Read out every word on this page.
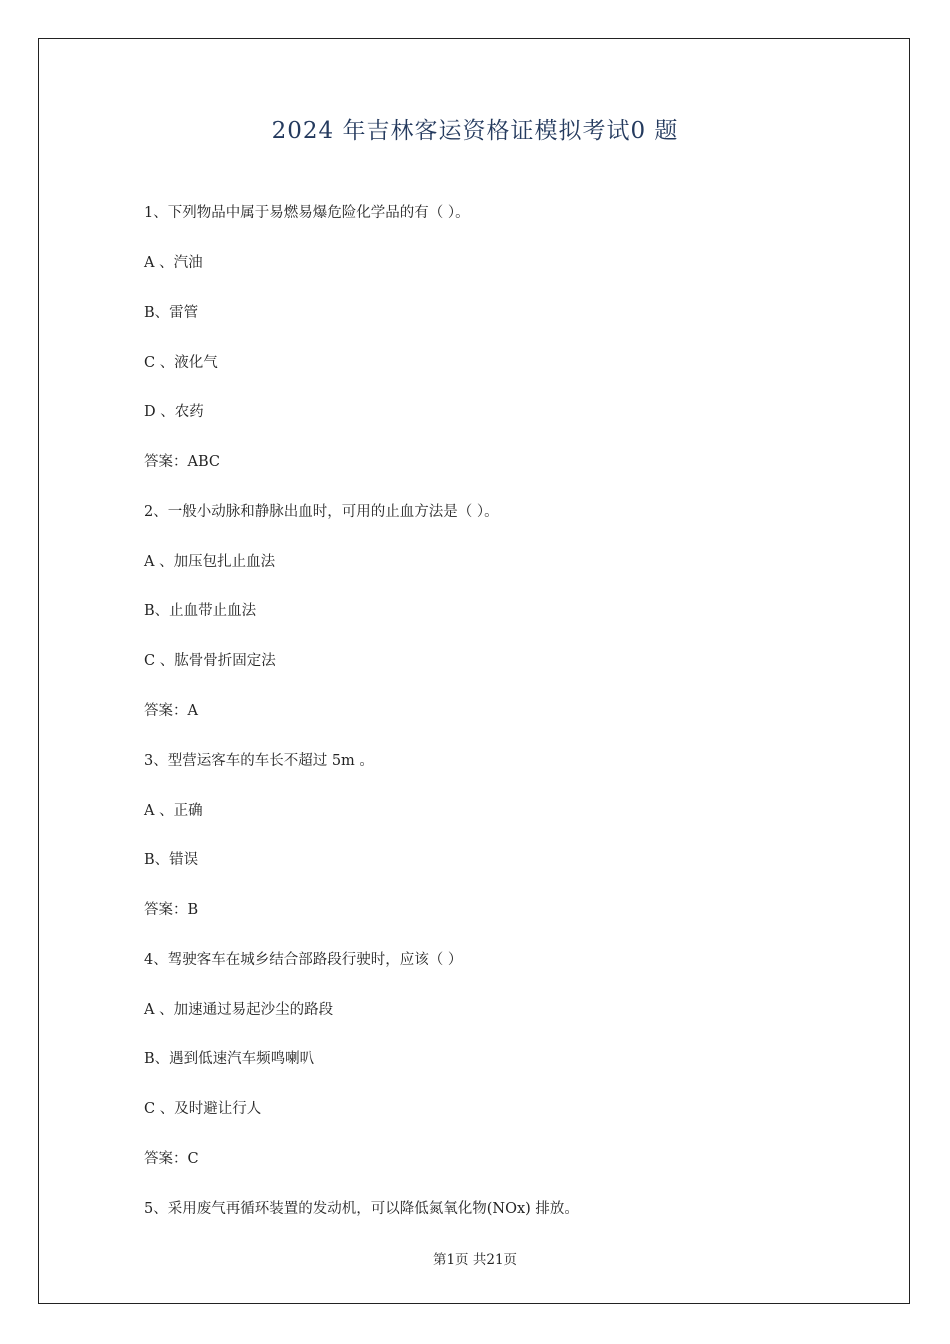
2024 年吉林客运资格证模拟考试0 题
1、下列物品中属于易燃易爆危险化学品的有（ ）。
A 、汽油
B、雷管
C 、液化气
D 、农药
答案：ABC
2、一般小动脉和静脉出血时，可用的止血方法是（ ）。
A 、加压包扎止血法
B、止血带止血法
C 、肱骨骨折固定法
答案：A
3、型营运客车的车长不超过 5m 。
A 、正确
B、错误
答案：B
4、驾驶客车在城乡结合部路段行驶时，应该（ ）
A 、加速通过易起沙尘的路段
B、遇到低速汽车频鸣喇叭
C 、及时避让行人
答案：C
5、采用废气再循环装置的发动机，可以降低氮氧化物(NOx) 排放。
第1页 共21页
